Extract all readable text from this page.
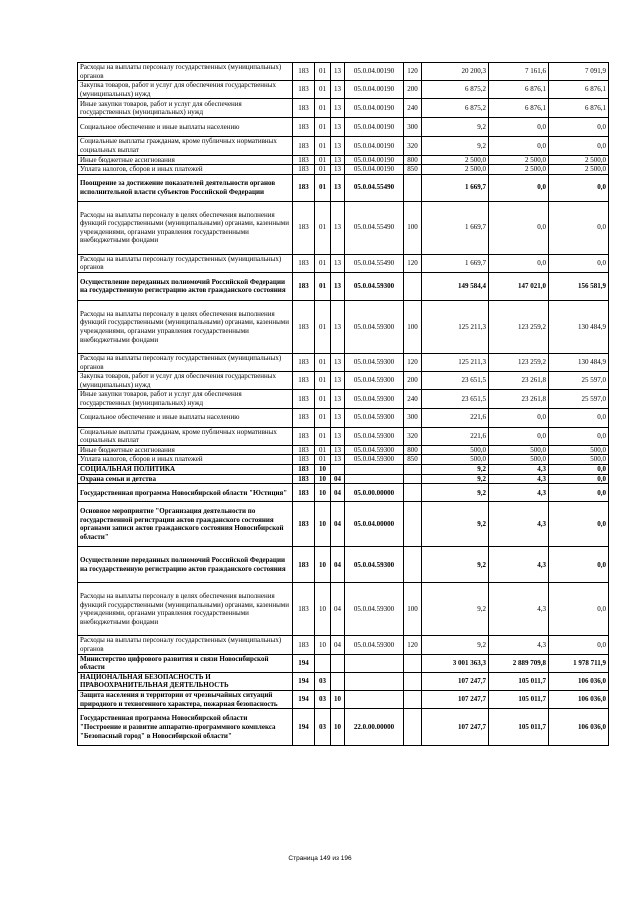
Расходы на выплаты персоналу государственных (муниципальных) органов	183	01	13	05.0.04.00190	120	20 200,3	7 161,6	7 091,9
Закупка товаров, работ и услуг для обеспечения государственных (муниципальных) нужд	183	01	13	05.0.04.00190	200	6 875,2	6 876,1	6 876,1
Иные закупки товаров, работ и услуг для обеспечения государственных (муниципальных) нужд	183	01	13	05.0.04.00190	240	6 875,2	6 876,1	6 876,1
Социальное обеспечение и иные выплаты населению	183	01	13	05.0.04.00190	300	9,2	0,0	0,0
Социальные выплаты гражданам, кроме публичных нормативных социальных выплат	183	01	13	05.0.04.00190	320	9,2	0,0	0,0
Иные бюджетные ассигнования	183	01	13	05.0.04.00190	800	2 500,0	2 500,0	2 500,0
Уплата налогов, сборов и иных платежей	183	01	13	05.0.04.00190	850	2 500,0	2 500,0	2 500,0
Поощрение за достижение показателей деятельности органов исполнительной власти субъектов Российской Федерации	183	01	13	05.0.04.55490		1 669,7	0,0	0,0
Расходы на выплаты персоналу в целях обеспечения выполнения функций государственными (муниципальными) органами, казенными учреждениями, органами управления государственными внебюджетными фондами	183	01	13	05.0.04.55490	100	1 669,7	0,0	0,0
Расходы на выплаты персоналу государственных (муниципальных) органов	183	01	13	05.0.04.55490	120	1 669,7	0,0	0,0
Осуществление переданных полномочий Российской Федерации на государственную регистрацию актов гражданского состояния	183	01	13	05.0.04.59300		149 584,4	147 021,0	156 581,9
Расходы на выплаты персоналу в целях обеспечения выполнения функций государственными (муниципальными) органами, казенными учреждениями, органами управления государственными внебюджетными фондами	183	01	13	05.0.04.59300	100	125 211,3	123 259,2	130 484,9
Расходы на выплаты персоналу государственных (муниципальных) органов	183	01	13	05.0.04.59300	120	125 211,3	123 259,2	130 484,9
Закупка товаров, работ и услуг для обеспечения государственных (муниципальных) нужд	183	01	13	05.0.04.59300	200	23 651,5	23 261,8	25 597,0
Иные закупки товаров, работ и услуг для обеспечения государственных (муниципальных) нужд	183	01	13	05.0.04.59300	240	23 651,5	23 261,8	25 597,0
Социальное обеспечение и иные выплаты населению	183	01	13	05.0.04.59300	300	221,6	0,0	0,0
Социальные выплаты гражданам, кроме публичных нормативных социальных выплат	183	01	13	05.0.04.59300	320	221,6	0,0	0,0
Иные бюджетные ассигнования	183	01	13	05.0.04.59300	800	500,0	500,0	500,0
Уплата налогов, сборов и иных платежей	183	01	13	05.0.04.59300	850	500,0	500,0	500,0
СОЦИАЛЬНАЯ ПОЛИТИКА	183	10				9,2	4,3	0,0
Охрана семьи и детства	183	10	04			9,2	4,3	0,0
Государственная программа Новосибирской области "Юстиция"	183	10	04	05.0.00.00000		9,2	4,3	0,0
Основное мероприятие "Организация деятельности по государственной регистрации актов гражданского состояния органами записи актов гражданского состояния Новосибирской области"	183	10	04	05.0.04.00000		9,2	4,3	0,0
Осуществление переданных полномочий Российской Федерации на государственную регистрацию актов гражданского состояния	183	10	04	05.0.04.59300		9,2	4,3	0,0
Расходы на выплаты персоналу в целях обеспечения выполнения функций государственными (муниципальными) органами, казенными учреждениями, органами управления государственными внебюджетными фондами	183	10	04	05.0.04.59300	100	9,2	4,3	0,0
Расходы на выплаты персоналу государственных (муниципальных) органов	183	10	04	05.0.04.59300	120	9,2	4,3	0,0
Министерство цифрового развития и связи Новосибирской области	194					3 001 363,3	2 889 709,8	1 978 711,9
НАЦИОНАЛЬНАЯ БЕЗОПАСНОСТЬ И ПРАВООХРАНИТЕЛЬНАЯ ДЕЯТЕЛЬНОСТЬ	194	03				107 247,7	105 011,7	106 036,0
Защита населения и территории от чрезвычайных ситуаций природного и техногенного характера, пожарная безопасность	194	03	10			107 247,7	105 011,7	106 036,0
Государственная программа Новосибирской области "Построение и развитие аппаратно-программного комплекса "Безопасный город" в Новосибирской области"	194	03	10	22.0.00.00000		107 247,7	105 011,7	106 036,0
Страница 149 из 196
